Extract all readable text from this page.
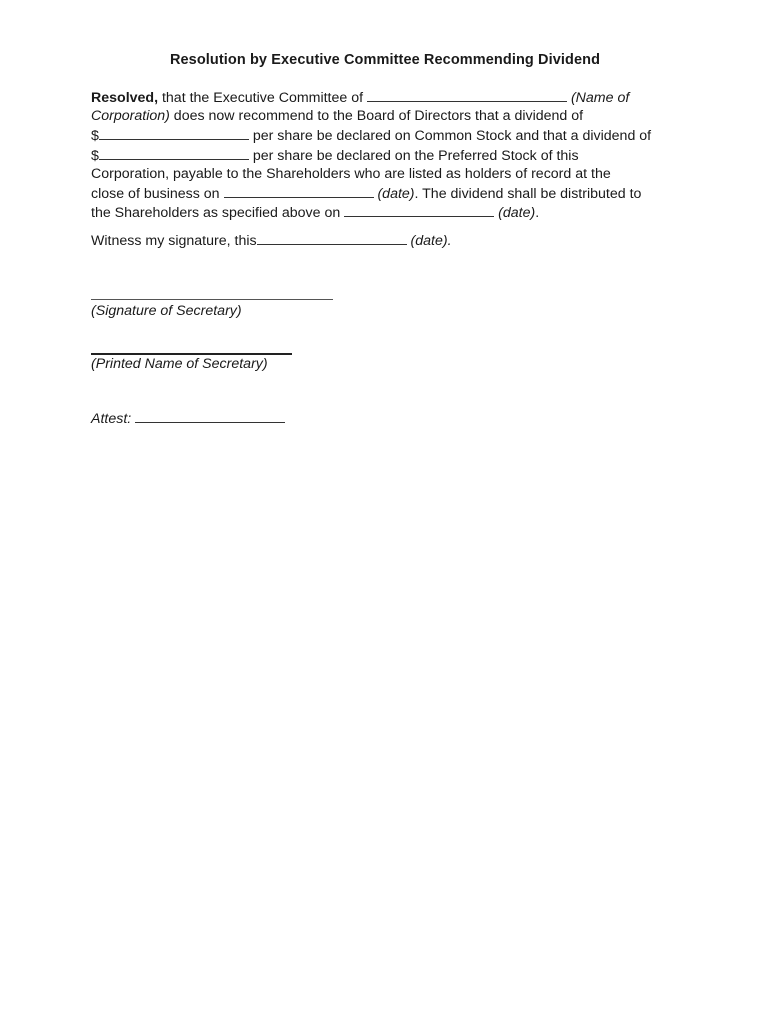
Resolution by Executive Committee Recommending Dividend
Resolved, that the Executive Committee of	(Name of
Corporation) does now recommend to the Board of Directors that a dividend of
$	per share be declared on Common Stock and that a dividend of
$	per share be declared on the Preferred Stock of this
Corporation, payable to the Shareholders who are listed as holders of record at the
close of business on	(date). The dividend shall be distributed to
the Shareholders as specified above on	(date).
Witness my signature, this	(date).
(Signature of Secretary)
(Printed Name of Secretary)
Attest:
